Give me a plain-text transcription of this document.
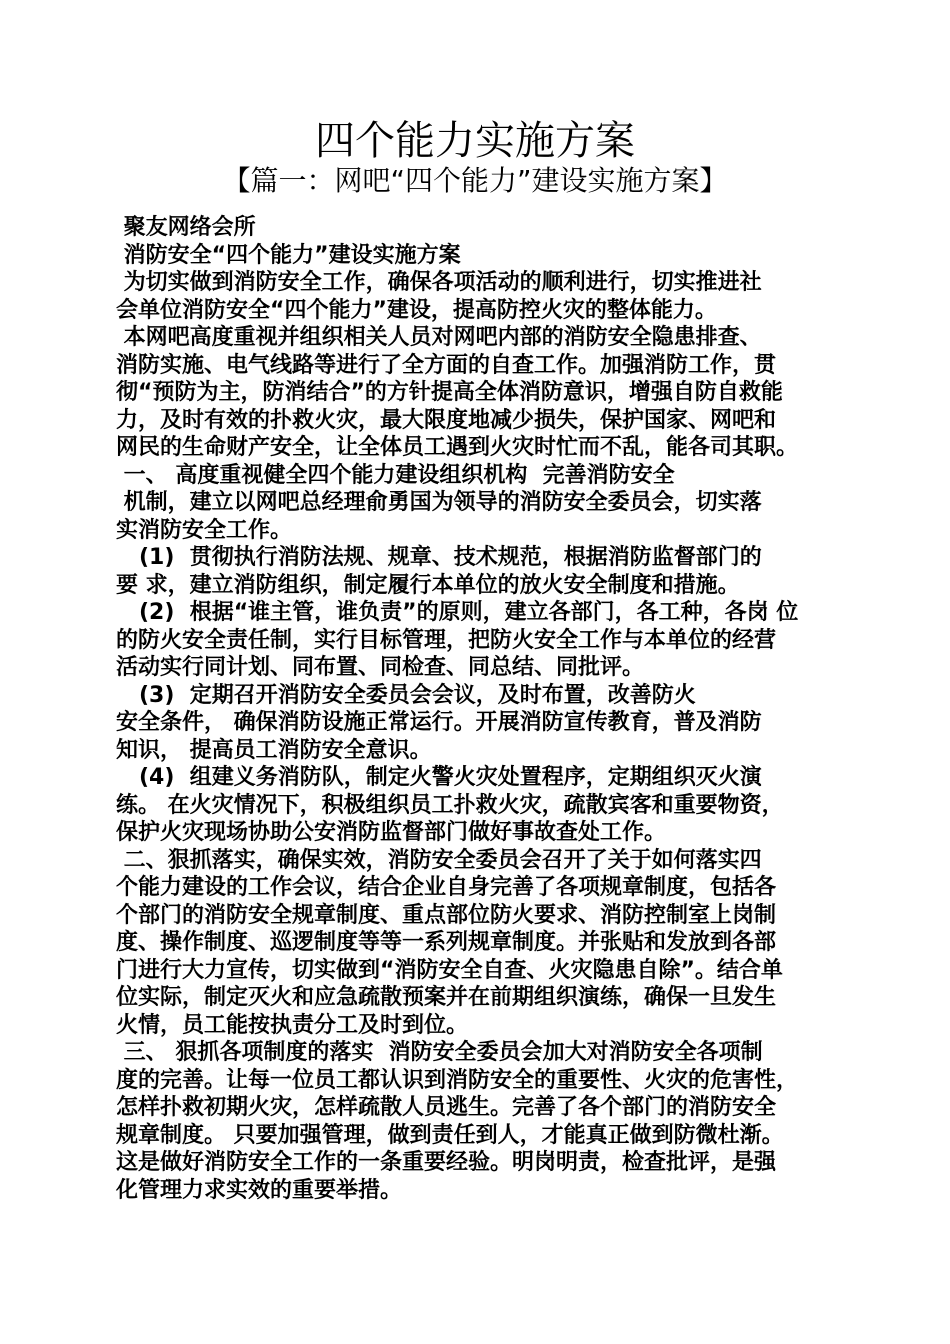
四个能力实施方案
【篇一：网吧“四个能力”建设实施方案】
聚友网络会所
消防安全“四个能力”建设实施方案
为切实做到消防安全工作，确保各项活动的顺利进行，切实推进社
会单位消防安全“四个能力”建设，提高防控火灾的整体能力。
本网吧高度重视并组织相关人员对网吧内部的消防安全隐患排查、
消防实施、电气线路等进行了全方面的自查工作。加强消防工作，贯
彻“预防为主，防消结合”的方针提高全体消防意识，增强自防自救能
力，及时有效的扑救火灾，最大限度地减少损失，保护国家、网吧和
网民的生命财产安全，让全体员工遇到火灾时忙而不乱，能各司其职。
一、 高度重视健全四个能力建设组织机构  完善消防安全
机制，建立以网吧总经理俞勇国为领导的消防安全委员会，切实落
实消防安全工作。
(1)  贯彻执行消防法规、规章、技术规范，根据消防监督部门的
要 求，建立消防组织，制定履行本单位的放火安全制度和措施。
(2)  根据“谁主管，谁负责”的原则，建立各部门，各工种，各岗 位
的防火安全责任制，实行目标管理，把防火安全工作与本单位的经营
活动实行同计划、同布置、同检查、同总结、同批评。
(3)  定期召开消防安全委员会会议，及时布置，改善防火
安全条件， 确保消防设施正常运行。开展消防宣传教育，普及消防
知识， 提高员工消防安全意识。
(4)  组建义务消防队，制定火警火灾处置程序，定期组织灭火演
练。 在火灾情况下，积极组织员工扑救火灾，疏散宾客和重要物资，
保护火灾现场协助公安消防监督部门做好事故查处工作。
二、狠抓落实，确保实效，消防安全委员会召开了关于如何落实四
个能力建设的工作会议，结合企业自身完善了各项规章制度，包括各
个部门的消防安全规章制度、重点部位防火要求、消防控制室上岗制
度、操作制度、巡逻制度等等一系列规章制度。并张贴和发放到各部
门进行大力宣传，切实做到“消防安全自查、火灾隐患自除”。结合单
位实际，制定灭火和应急疏散预案并在前期组织演练，确保一旦发生
火情，员工能按执责分工及时到位。
三、 狠抓各项制度的落实  消防安全委员会加大对消防安全各项制
度的完善。让每一位员工都认识到消防安全的重要性、火灾的危害性，
怎样扑救初期火灾，怎样疏散人员逃生。完善了各个部门的消防安全
规章制度。 只要加强管理，做到责任到人，才能真正做到防微杜渐。
这是做好消防安全工作的一条重要经验。明岗明责，检查批评，是强
化管理力求实效的重要举措。
